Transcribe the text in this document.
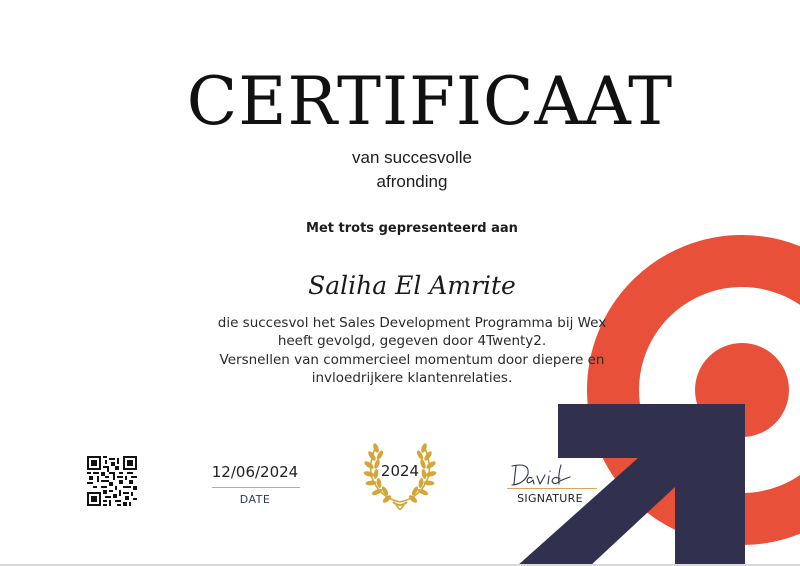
CERTIFICAAT
van succesvolle
afronding
Met trots gepresenteerd aan
Saliha El Amrite
die succesvol het Sales Development Programma bij Wex
heeft gevolgd, gegeven door 4Twenty2.
Versnellen van commercieel momentum door diepere en
invloedrijkere klantenrelaties.
12/06/2024
DATE
2024
SIGNATURE
